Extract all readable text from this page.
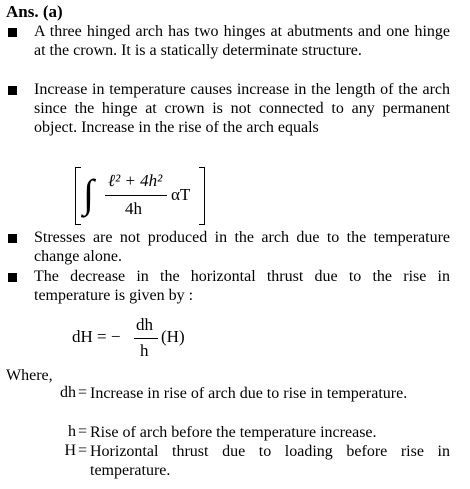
Ans. (a)
A three hinged arch has two hinges at abutments and one hinge at the crown. It is a statically determinate structure.
Increase in temperature causes increase in the length of the arch since the hinge at crown is not connected to any permanent object. Increase in the rise of the arch equals
∫ ℓ² + 4h²
4h
αT
Stresses are not produced in the arch due to the temperature change alone.
The decrease in the horizontal thrust due to the rise in temperature is given by :
dH = −
dh
h
(H)
Where,
dh = Increase in rise of arch due to rise in temperature.
h = Rise of arch before the temperature increase.
H = Horizontal thrust due to loading before rise in temperature.
